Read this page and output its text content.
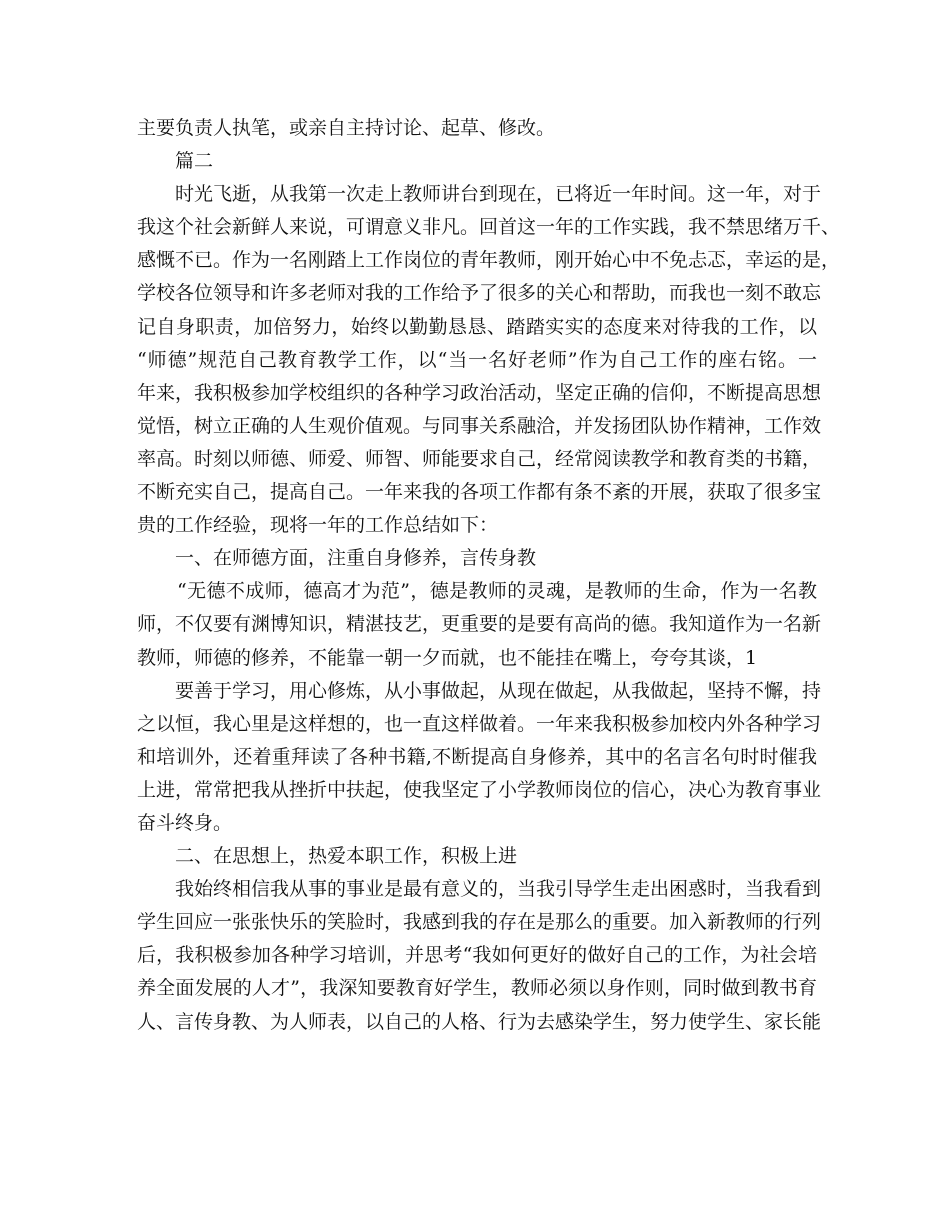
主要负责人执笔，或亲自主持讨论、起草、修改。
篇二
时光飞逝，从我第一次走上教师讲台到现在，已将近一年时间。这一年，对于
我这个社会新鲜人来说，可谓意义非凡。回首这一年的工作实践，我不禁思绪万千、
感慨不已。作为一名刚踏上工作岗位的青年教师，刚开始心中不免忐忑，幸运的是，
学校各位领导和许多老师对我的工作给予了很多的关心和帮助，而我也一刻不敢忘
记自身职责，加倍努力，始终以勤勤恳恳、踏踏实实的态度来对待我的工作，以
“师德”规范自己教育教学工作，以“当一名好老师”作为自己工作的座右铭。一
年来，我积极参加学校组织的各种学习政治活动，坚定正确的信仰，不断提高思想
觉悟，树立正确的人生观价值观。与同事关系融洽，并发扬团队协作精神，工作效
率高。时刻以师德、师爱、师智、师能要求自己，经常阅读教学和教育类的书籍，
不断充实自己，提高自己。一年来我的各项工作都有条不紊的开展，获取了很多宝
贵的工作经验，现将一年的工作总结如下：
一、在师德方面，注重自身修养，言传身教
“无德不成师，德高才为范”，德是教师的灵魂，是教师的生命，作为一名教
师，不仅要有渊博知识，精湛技艺，更重要的是要有高尚的德。我知道作为一名新
教师，师德的修养，不能靠一朝一夕而就，也不能挂在嘴上，夸夸其谈，1
要善于学习，用心修炼，从小事做起，从现在做起，从我做起，坚持不懈，持
之以恒，我心里是这样想的，也一直这样做着。一年来我积极参加校内外各种学习
和培训外，还着重拜读了各种书籍,不断提高自身修养，其中的名言名句时时催我
上进，常常把我从挫折中扶起，使我坚定了小学教师岗位的信心，决心为教育事业
奋斗终身。
二、在思想上，热爱本职工作，积极上进
我始终相信我从事的事业是最有意义的，当我引导学生走出困惑时，当我看到
学生回应一张张快乐的笑脸时，我感到我的存在是那么的重要。加入新教师的行列
后，我积极参加各种学习培训，并思考“我如何更好的做好自己的工作，为社会培
养全面发展的人才”，我深知要教育好学生，教师必须以身作则，同时做到教书育
人、言传身教、为人师表，以自己的人格、行为去感染学生，努力使学生、家长能
